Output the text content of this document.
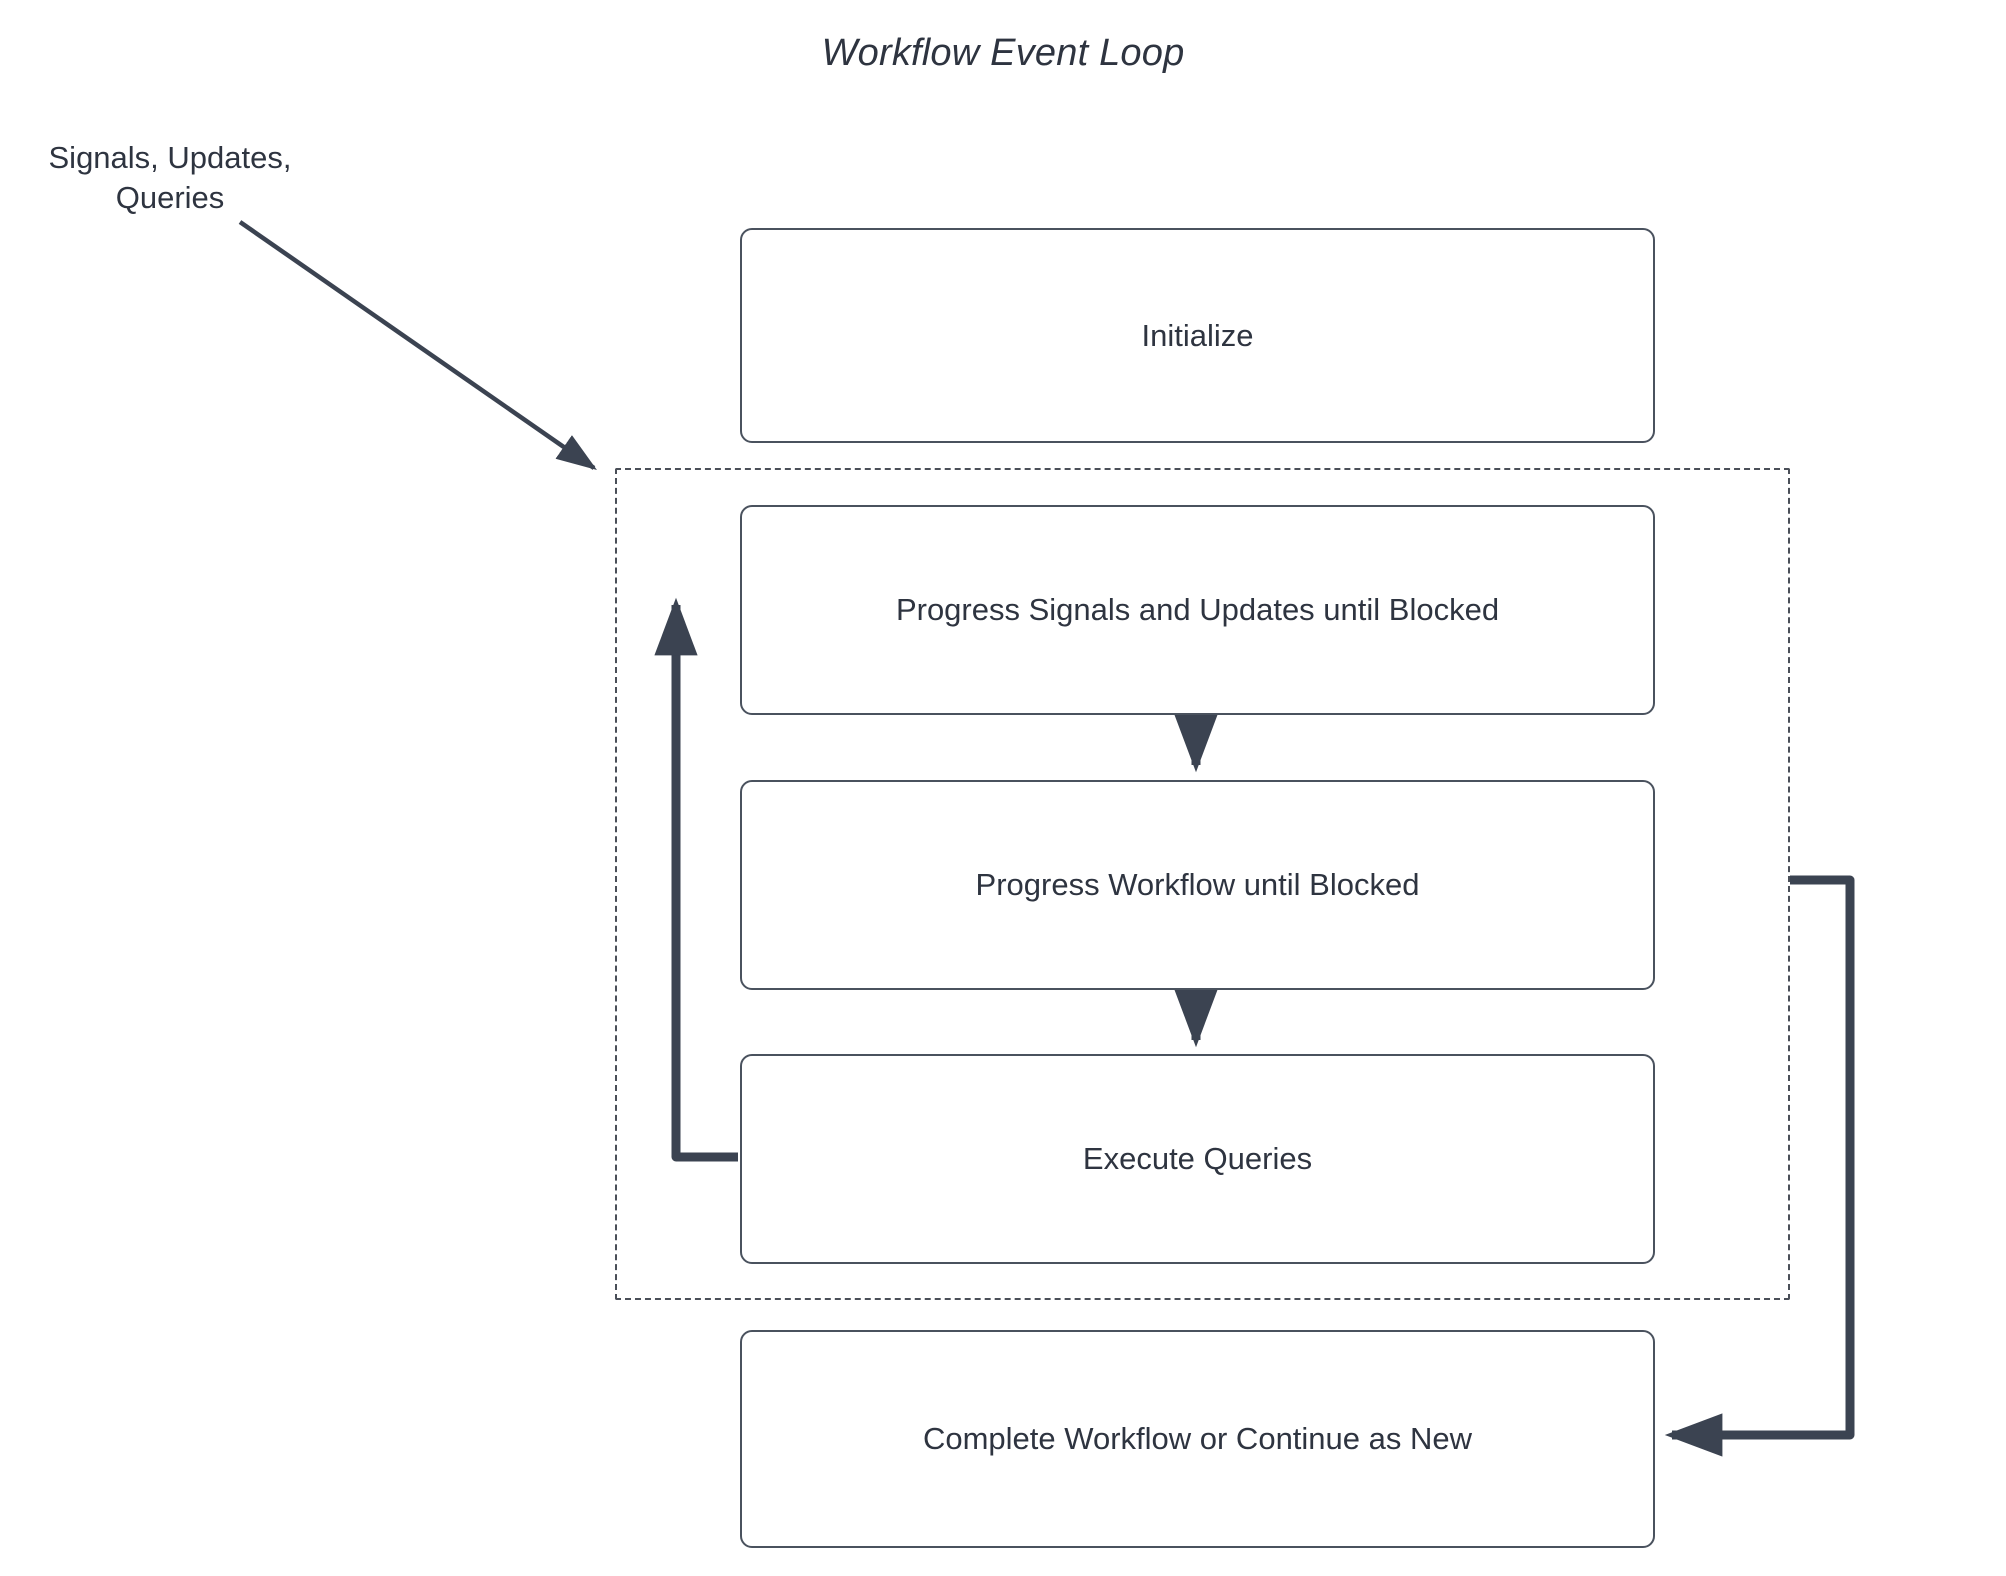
Workflow Event Loop
Signals, Updates,
Queries
Initialize
Progress Signals and Updates until Blocked
Progress Workflow until Blocked
Execute Queries
Complete Workflow or Continue as New
